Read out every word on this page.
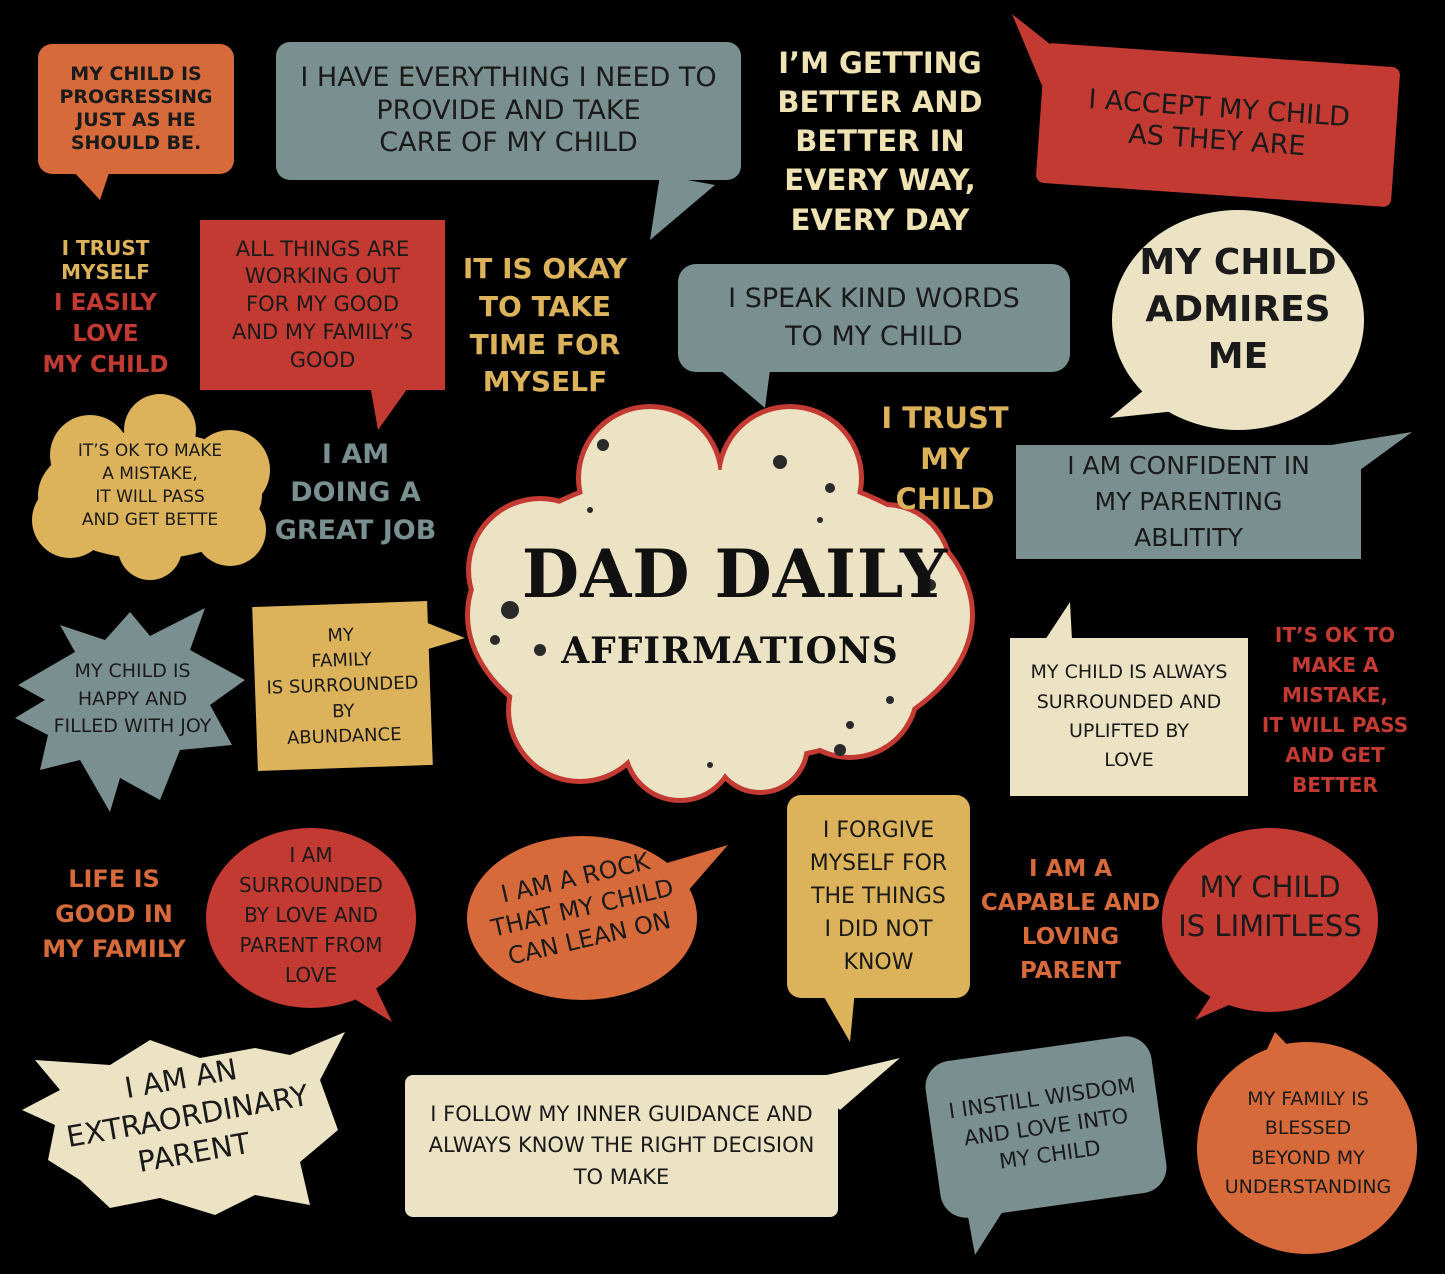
MY CHILD IS
PROGRESSING
JUST AS HE
SHOULD BE.
I HAVE EVERYTHING I NEED TO
PROVIDE AND TAKE
CARE OF MY CHILD
I’M GETTING
BETTER AND
BETTER IN
EVERY WAY,
EVERY DAY
I ACCEPT MY CHILD
AS THEY ARE
I TRUST MYSELF
I EASILY LOVE
MY CHILD
ALL THINGS ARE
WORKING OUT
FOR MY GOOD
AND MY FAMILY’S
GOOD
IT IS OKAY
TO TAKE
TIME FOR
MYSELF
I SPEAK KIND WORDS
TO MY CHILD
MY CHILD
ADMIRES
ME
IT’S OK TO MAKE
A MISTAKE,
IT WILL PASS
AND GET BETTE
I AM
DOING A
GREAT JOB
I TRUST MY
CHILD
I AM CONFIDENT IN
MY PARENTING
ABLITITY
MY CHILD IS
HAPPY AND
FILLED WITH JOY
MY
FAMILY
IS SURROUNDED
BY
ABUNDANCE
DAD DAILY
AFFIRMATIONS
MY CHILD IS ALWAYS
SURROUNDED AND
UPLIFTED BY
LOVE
IT’S OK TO
MAKE A
MISTAKE,
IT WILL PASS
AND GET
BETTER
LIFE IS
GOOD IN
MY FAMILY
I AM
SURROUNDED
BY LOVE AND
PARENT FROM
LOVE
I AM A ROCK
THAT MY CHILD
CAN LEAN ON
I FORGIVE
MYSELF FOR
THE THINGS
I DID NOT
KNOW
I AM A
CAPABLE AND
LOVING
PARENT
MY CHILD
IS LIMITLESS
I AM AN
EXTRAORDINARY
PARENT
I FOLLOW MY INNER GUIDANCE AND
ALWAYS KNOW THE RIGHT DECISION
TO MAKE
I INSTILL WISDOM
AND LOVE INTO
MY CHILD
MY FAMILY IS
BLESSED
BEYOND MY
UNDERSTANDING
